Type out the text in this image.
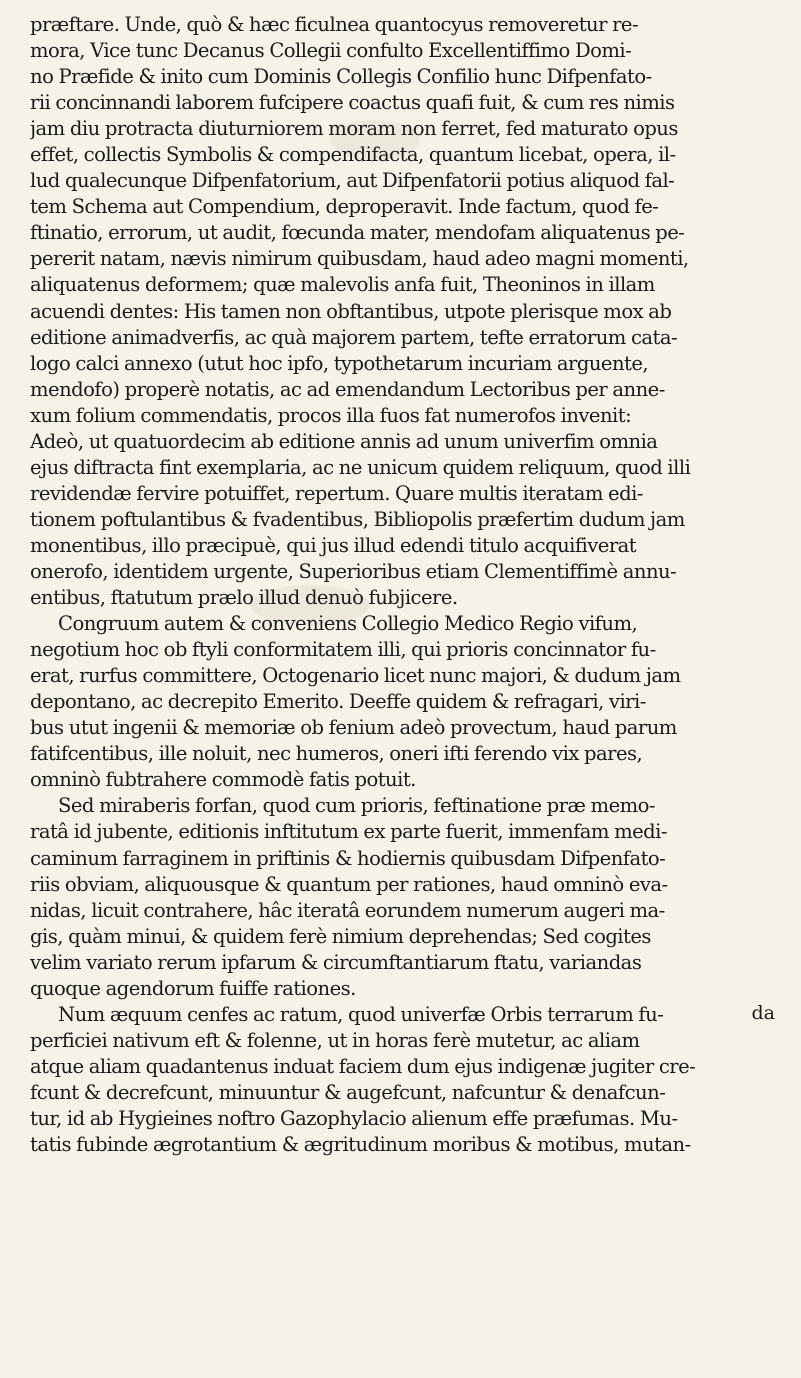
præftare. Unde, quò & hæc ficulnea quantocyus removeretur re-
mora, Vice tunc Decanus Collegii confulto Excellentiffimo Domi-
no Præfide & inito cum Dominis Collegis Confilio hunc Difpenfato-
rii concinnandi laborem fufcipere coactus quafi fuit, & cum res nimis
jam diu protracta diuturniorem moram non ferret, fed maturato opus
effet, collectis Symbolis & compendifacta, quantum licebat, opera, il-
lud qualecunque Difpenfatorium, aut Difpenfatorii potius aliquod fal-
tem Schema aut Compendium, deproperavit. Inde factum, quod fe-
ftinatio, errorum, ut audit, fœcunda mater, mendofam aliquatenus pe-
pererit natam, nævis nimirum quibusdam, haud adeo magni momenti,
aliquatenus deformem; quæ malevolis anfa fuit, Theoninos in illam
acuendi dentes: His tamen non obftantibus, utpote plerisque mox ab
editione animadverfis, ac quà majorem partem, tefte erratorum cata-
logo calci annexo (utut hoc ipfo, typothetarum incuriam arguente,
mendofo) properè notatis, ac ad emendandum Lectoribus per anne-
xum folium commendatis, procos illa fuos fat numerofos invenit:
Adeò, ut quatuordecim ab editione annis ad unum univerfim omnia
ejus diftracta fint exemplaria, ac ne unicum quidem reliquum, quod illi
revidendæ fervire potuiffet, repertum. Quare multis iteratam edi-
tionem poftulantibus & fvadentibus, Bibliopolis præfertim dudum jam
monentibus, illo præcipuè, qui jus illud edendi titulo acquifiverat
onerofo, identidem urgente, Superioribus etiam Clementiffimè annu-
entibus, ftatutum prælo illud denuò fubjicere.
Congruum autem & conveniens Collegio Medico Regio vifum,
negotium hoc ob ftyli conformitatem illi, qui prioris concinnator fu-
erat, rurfus committere, Octogenario licet nunc majori, & dudum jam
depontano, ac decrepito Emerito. Deeffe quidem & refragari, viri-
bus utut ingenii & memoriæ ob fenium adeò provectum, haud parum
fatifcentibus, ille noluit, nec humeros, oneri ifti ferendo vix pares,
omninò fubtrahere commodè fatis potuit.
Sed miraberis forfan, quod cum prioris, feftinatione præ memo-
ratâ id jubente, editionis inftitutum ex parte fuerit, immenfam medi-
caminum farraginem in priftinis & hodiernis quibusdam Difpenfato-
riis obviam, aliquousque & quantum per rationes, haud omninò eva-
nidas, licuit contrahere, hâc iteratâ eorundem numerum augeri ma-
gis, quàm minui, & quidem ferè nimium deprehendas; Sed cogites
velim variato rerum ipfarum & circumftantiarum ftatu, variandas
quoque agendorum fuiffe rationes.
Num æquum cenfes ac ratum, quod univerfæ Orbis terrarum fu-
perficiei nativum eft & folenne, ut in horas ferè mutetur, ac aliam
atque aliam quadantenus induat faciem dum ejus indigenæ jugiter cre-
fcunt & decrefcunt, minuuntur & augefcunt, nafcuntur & denafcun-
tur, id ab Hygieines noftro Gazophylacio alienum effe præfumas. Mu-
tatis fubinde ægrotantium & ægritudinum moribus & motibus, mutan-
da
